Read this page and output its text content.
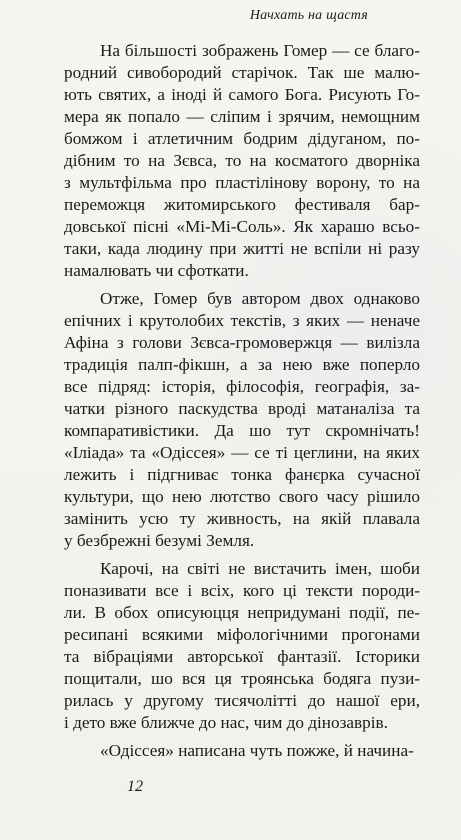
Начхать на щастя

На більшості зображень Гомер — се благо-
родний сивобородий старічок. Так ше малю-
ють святих, а іноді й самого Бога. Рисують Го-
мера як попало — сліпим і зрячим, немощним
бомжом і атлетичним бодрим дідуганом, по-
дібним то на Зєвса, то на косматого дворніка
з мультфільма про пластілінову ворону, то на
переможця житомирського фестиваля бар-
довської пісні «Мі-Мі-Соль». Як харашо всьо-
таки, када людину при житті не вспіли ні разу
намалювать чи сфоткати.

Отже, Гомер був автором двох однаково
епічних і крутолобих текстів, з яких — неначе
Афіна з голови Зєвса-громовержця — вилізла
традиція палп-фікшн, а за нею вже поперло
все підряд: історія, філософія, географія, за-
чатки різного паскудства вроді матаналіза та
компаративістики. Да шо тут скромнічать!
«Іліада» та «Одіссея» — се ті цеглини, на яких
лежить і підгниває тонка фанєрка сучасної
культури, що нею лютство свого часу рішило
замінить усю ту живность, на якій плавала
у безбрежні безумі Земля.

Карочі, на світі не вистачить імен, шоби
поназивати все і всіх, кого ці тексти породи-
ли. В обох описуюцця непридумані події, пе-
ресипані всякими міфологічними прогонами
та вібраціями авторської фантазії. Історики
пощитали, шо вся ця троянська бодяга пузи-
рилась у другому тисячолітті до нашої ери,
і дето вже ближче до нас, чим до дінозаврів.

«Одіссея» написана чуть пожже, й начина-

12
